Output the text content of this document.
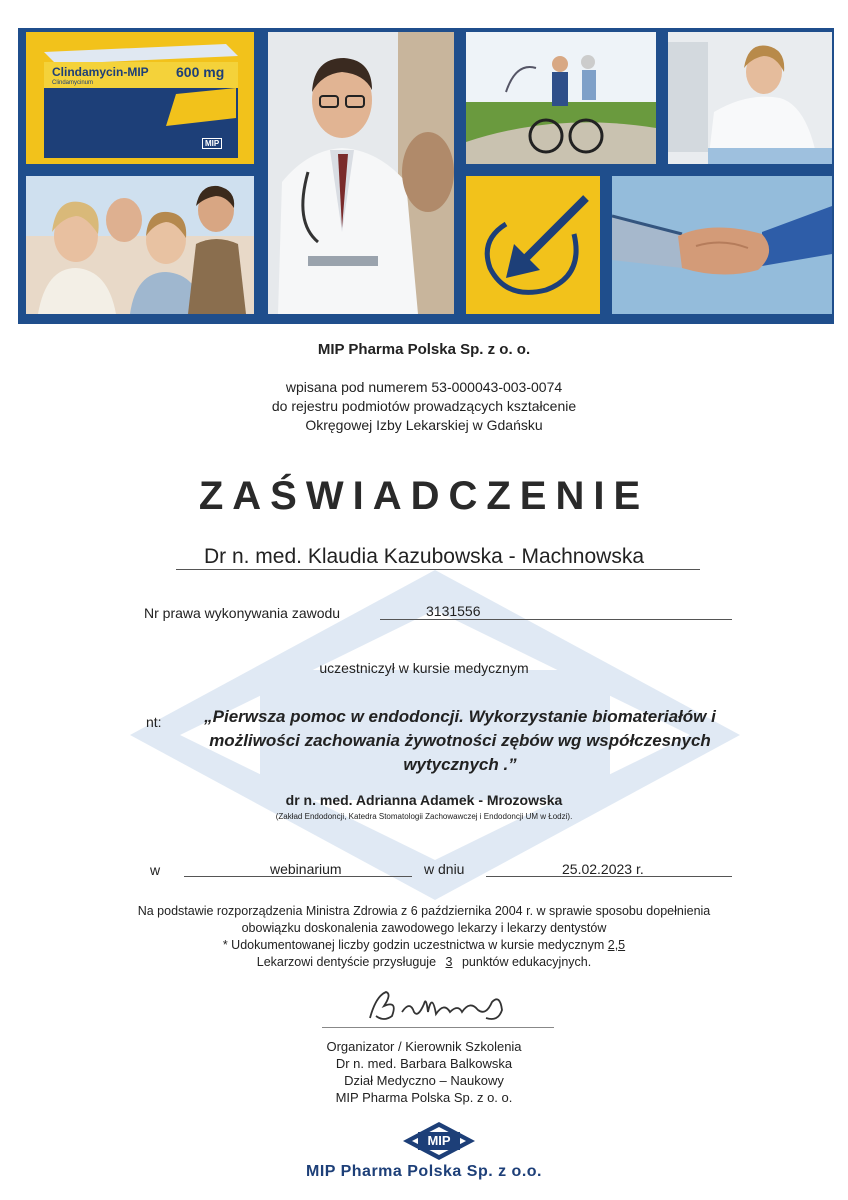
Clindamycin-MIP 600 mg
Clindamycinum
MIP
MIP Pharma Polska Sp. z o. o.
wpisana pod numerem 53-000043-003-0074
do rejestru podmiotów prowadzących kształcenie
Okręgowej Izby Lekarskiej w Gdańsku
ZAŚWIADCZENIE
Dr n. med. Klaudia Kazubowska - Machnowska
Nr prawa wykonywania zawodu	3131556
uczestniczył w kursie medycznym
nt:	„Pierwsza pomoc w endodoncji. Wykorzystanie biomateriałów i
możliwości zachowania żywotności zębów wg współczesnych
wytycznych .”
dr n. med. Adrianna Adamek - Mrozowska
(Zakład Endodoncji, Katedra Stomatologii Zachowawczej i Endodoncji UM w Łodzi).
w	webinarium	w dniu	25.02.2023 r.
Na podstawie rozporządzenia Ministra Zdrowia z 6 października 2004 r. w sprawie sposobu dopełnienia
obowiązku doskonalenia zawodowego lekarzy i lekarzy dentystów
* Udokumentowanej liczby godzin uczestnictwa w kursie medycznym 2,5
Lekarzowi dentyście przysługuje 3 punktów edukacyjnych.
Organizator / Kierownik Szkolenia
Dr n. med. Barbara Balkowska
Dział Medyczno – Naukowy
MIP Pharma Polska Sp. z o. o.
MIP
MIP Pharma Polska Sp. z o.o.
